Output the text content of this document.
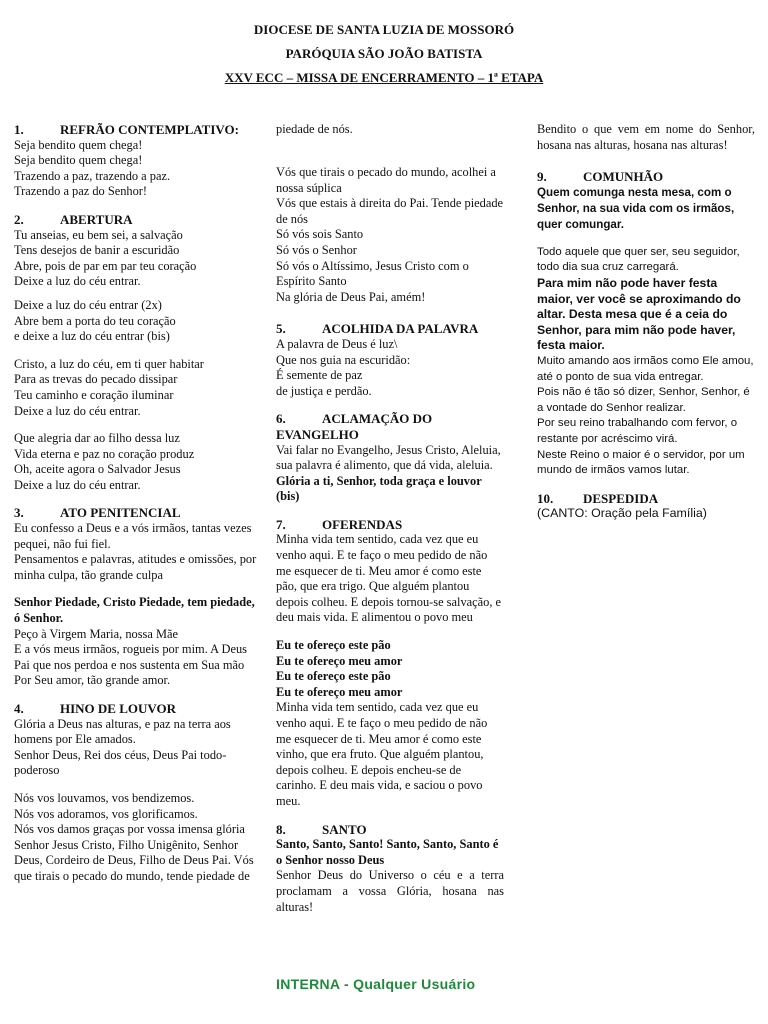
DIOCESE DE SANTA LUZIA DE MOSSORÓ
PARÓQUIA SÃO JOÃO BATISTA
XXV ECC – MISSA DE ENCERRAMENTO – 1ª ETAPA
1.	REFRÃO CONTEMPLATIVO:

Seja bendito quem chega!

Seja bendito quem chega!

Trazendo a paz, trazendo a paz.

Trazendo a paz do Senhor!

2.	ABERTURA

Tu anseias, eu bem sei, a salvação

Tens desejos de banir a escuridão

Abre, pois de par em par teu coração

Deixe a luz do céu entrar.

Deixe a luz do céu entrar (2x)

Abre bem a porta do teu coração

e deixe a luz do céu entrar (bis)

Cristo, a luz do céu, em ti quer habitar

Para as trevas do pecado dissipar

Teu caminho e coração iluminar

Deixe a luz do céu entrar.

Que alegria dar ao filho dessa luz

Vida eterna e paz no coração produz

Oh, aceite agora o Salvador Jesus

Deixe a luz do céu entrar.

3.	ATO PENITENCIAL

Eu confesso a Deus e a vós irmãos, tantas vezes pequei, não fui fiel.

Pensamentos e palavras, atitudes e omissões, por minha culpa, tão grande culpa

Senhor Piedade, Cristo Piedade, tem piedade, ó Senhor.

Peço à Virgem Maria, nossa Mãe

E a vós meus irmãos, rogueis por mim. A Deus Pai que nos perdoa e nos sustenta em Sua mão

Por Seu amor, tão grande amor.

4.	HINO DE LOUVOR

Glória a Deus nas alturas, e paz na terra aos homens por Ele amados.

Senhor Deus, Rei dos céus, Deus Pai todo-poderoso

Nós vos louvamos, vos bendizemos.

Nós vos adoramos, vos glorificamos.

Nós vos damos graças por vossa imensa glória

Senhor Jesus Cristo, Filho Unigênito, Senhor Deus, Cordeiro de Deus, Filho de Deus Pai. Vós que tirais o pecado do mundo, tende piedade de

piedade de nós.

Vós que tirais o pecado do mundo, acolhei a nossa súplica

Vós que estais à direita do Pai. Tende piedade de nós

Só vós sois Santo

Só vós o Senhor

Só vós o Altíssimo, Jesus Cristo com o Espírito Santo

Na glória de Deus Pai, amém!

5.	ACOLHIDA DA PALAVRA

A palavra de Deus é luz\

Que nos guia na escuridão:

É semente de paz

de justiça e perdão.

6.	ACLAMAÇÃO DO EVANGELHO

Vai falar no Evangelho, Jesus Cristo, Aleluia, sua palavra é alimento, que dá vida, aleluia.

Glória a ti, Senhor, toda graça e louvor (bis)

7.	OFERENDAS

Minha vida tem sentido, cada vez que eu venho aqui. E te faço o meu pedido de não me esquecer de ti. Meu amor é como este pão, que era trigo. Que alguém plantou depois colheu. E depois tornou-se salvação, e deu mais vida. E alimentou o povo meu

Eu te ofereço este pão

Eu te ofereço meu amor

Eu te ofereço este pão

Eu te ofereço meu amor

Minha vida tem sentido, cada vez que eu venho aqui. E te faço o meu pedido de não me esquecer de ti. Meu amor é como este vinho, que era fruto. Que alguém plantou, depois colheu. E depois encheu-se de carinho. E deu mais vida, e saciou o povo meu.

8.	SANTO

Santo, Santo, Santo! Santo, Santo, Santo é o Senhor nosso Deus

Senhor Deus do Universo o céu e a terra proclamam a vossa Glória, hosana nas alturas!

Bendito o que vem em nome do Senhor, hosana nas alturas, hosana nas alturas!

9.	COMUNHÃO

Quem comunga nesta mesa, com o Senhor, na sua vida com os irmãos, quer comungar.

Todo aquele que quer ser, seu seguidor, todo dia sua cruz carregará.

Para mim não pode haver festa maior, ver você se aproximando do altar. Desta mesa que é a ceia do Senhor, para mim não pode haver, festa maior.

Muito amando aos irmãos como Ele amou, até o ponto de sua vida entregar.

Pois não é tão só dizer, Senhor, Senhor, é a vontade do Senhor realizar.

Por seu reino trabalhando com fervor, o restante por acréscimo virá.

Neste Reino o maior é o servidor, por um mundo de irmãos vamos lutar.

10. DESPEDIDA

(CANTO: Oração pela Família)

INTERNA - Qualquer Usuário
